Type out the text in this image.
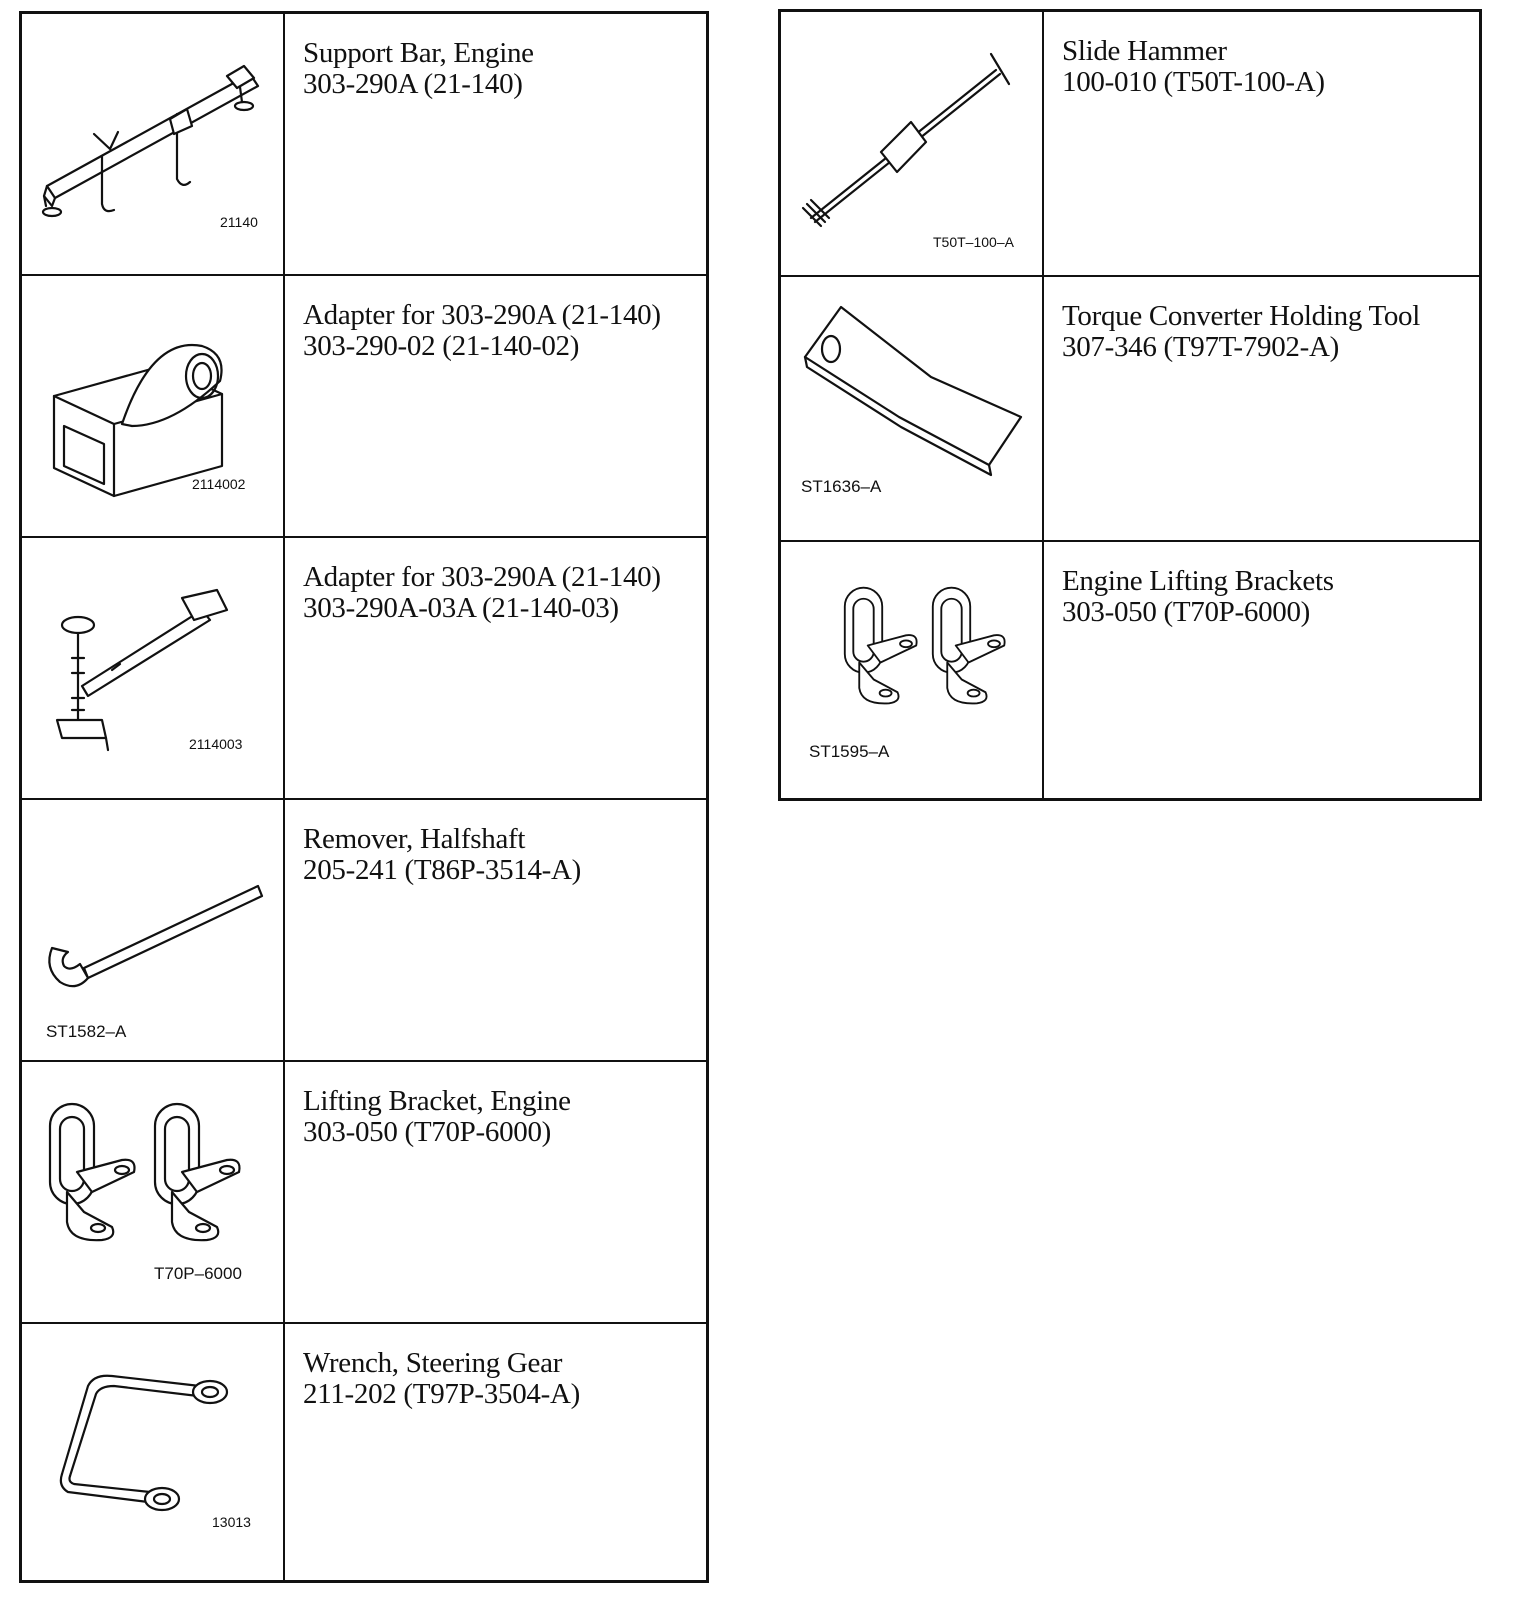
21140
Support Bar, Engine
303-290A (21-140)
2114002
Adapter for 303-290A (21-140)
303-290-02 (21-140-02)
2114003
Adapter for 303-290A (21-140)
303-290A-03A (21-140-03)
ST1582–A
Remover, Halfshaft
205-241 (T86P-3514-A)
T70P–6000
Lifting Bracket, Engine
303-050 (T70P-6000)
13013
Wrench, Steering Gear
211-202 (T97P-3504-A)
T50T–100–A
Slide Hammer
100-010 (T50T-100-A)
ST1636–A
Torque Converter Holding Tool
307-346 (T97T-7902-A)
ST1595–A
Engine Lifting Brackets
303-050 (T70P-6000)
